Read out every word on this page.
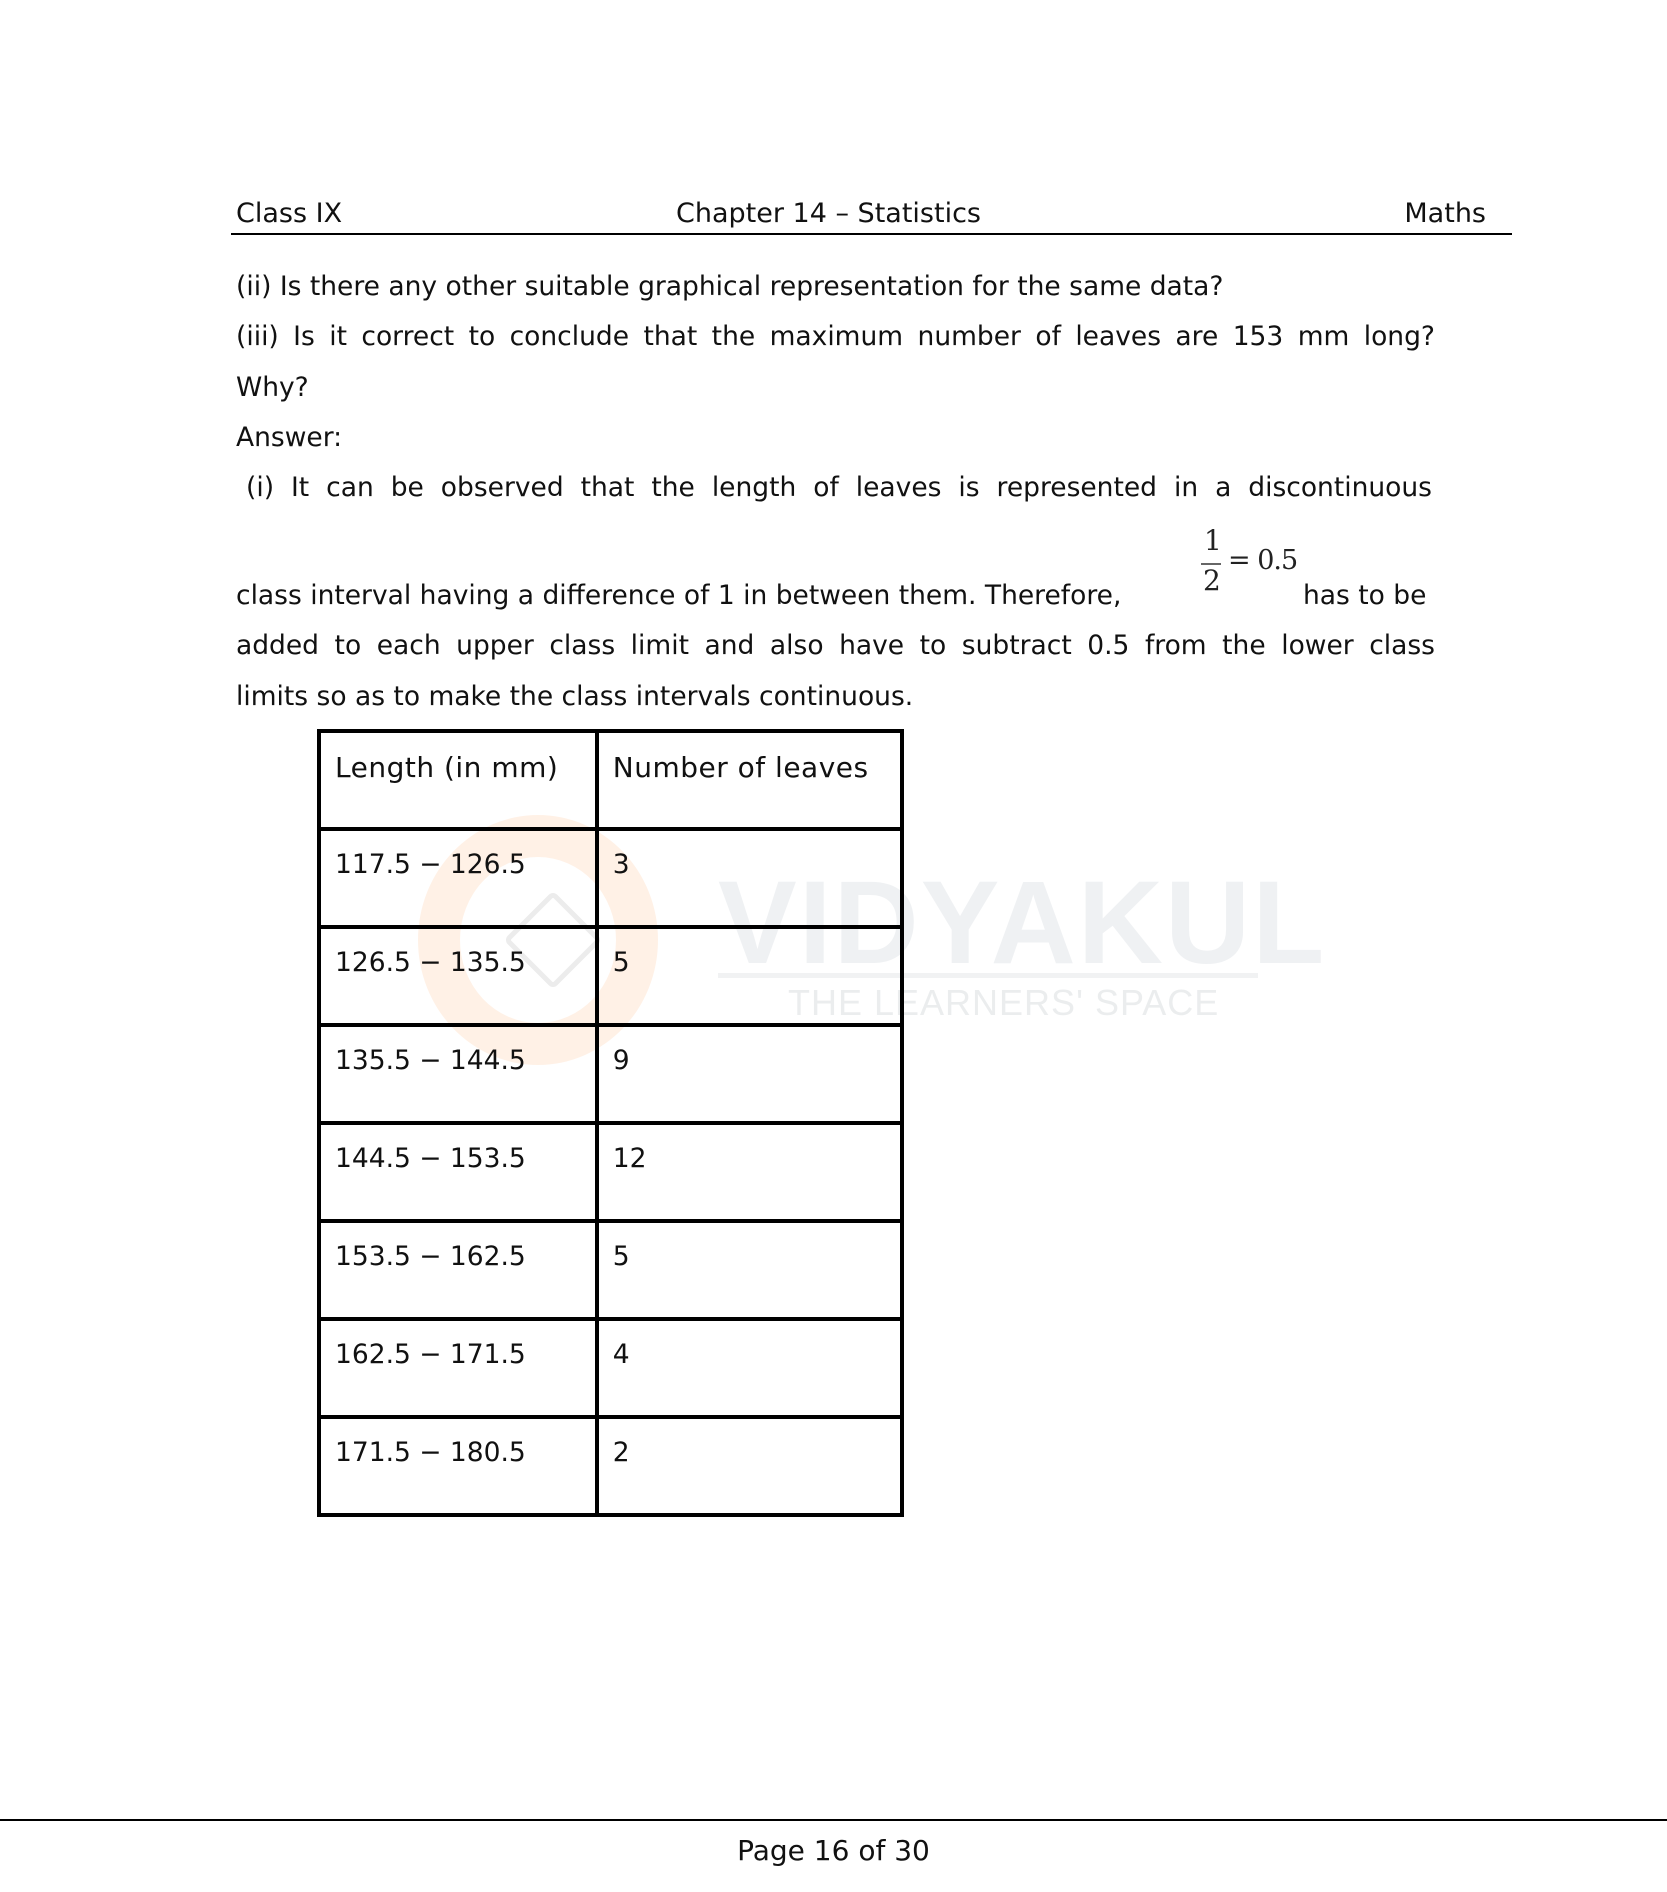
Class IX	Chapter 14 – Statistics	Maths
VIDYAKUL
THE LEARNERS' SPACE
(ii) Is there any other suitable graphical representation for the same data?
(iii) Is it correct to conclude that the maximum number of leaves are 153 mm long?
Why?
Answer:
(i) It can be observed that the length of leaves is represented in a discontinuous
class interval having a difference of 1 in between them. Therefore,
1
2
= 0.5
has to be
added to each upper class limit and also have to subtract 0.5 from the lower class
limits so as to make the class intervals continuous.
Length (in mm)	Number of leaves
117.5 − 126.5	3
126.5 − 135.5	5
135.5 − 144.5	9
144.5 − 153.5	12
153.5 − 162.5	5
162.5 − 171.5	4
171.5 − 180.5	2
Page 16 of 30
